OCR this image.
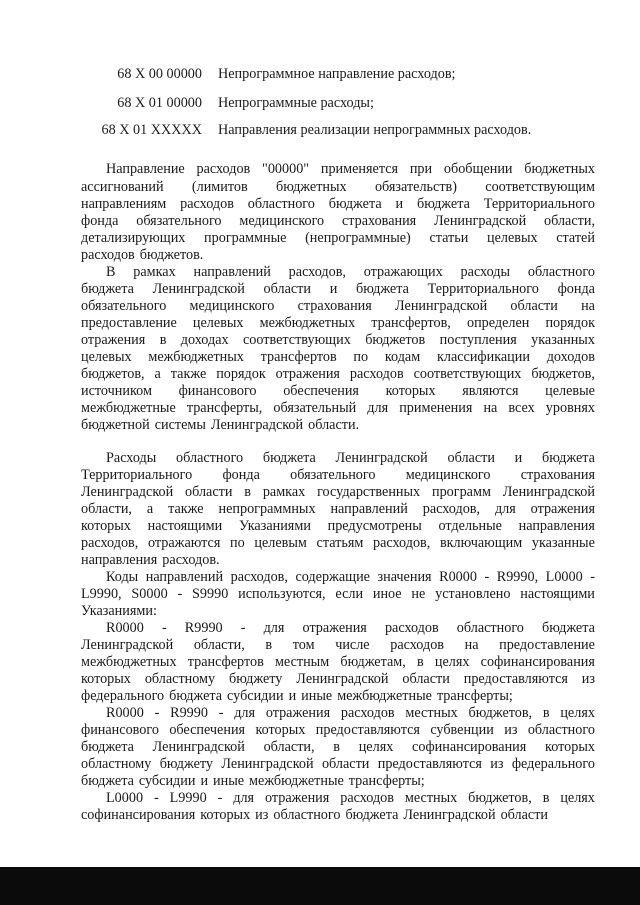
68 X 00 00000 Непрограммное направление расходов;
68 X 01 00000 Непрограммные расходы;
68 X 01 XXXXX Направления реализации непрограммных расходов.
Направление расходов "00000" применяется при обобщении бюджетных
ассигнований (лимитов бюджетных обязательств) соответствующим
направлениям расходов областного бюджета и бюджета Территориального
фонда обязательного медицинского страхования Ленинградской области,
детализирующих программные (непрограммные) статьи целевых статей
расходов бюджетов.
В рамках направлений расходов, отражающих расходы областного
бюджета Ленинградской области и бюджета Территориального фонда
обязательного медицинского страхования Ленинградской области на
предоставление целевых межбюджетных трансфертов, определен порядок
отражения в доходах соответствующих бюджетов поступления указанных
целевых межбюджетных трансфертов по кодам классификации доходов
бюджетов, а также порядок отражения расходов соответствующих бюджетов,
источником финансового обеспечения которых являются целевые
межбюджетные трансферты, обязательный для применения на всех уровнях
бюджетной системы Ленинградской области.
Расходы областного бюджета Ленинградской области и бюджета
Территориального фонда обязательного медицинского страхования
Ленинградской области в рамках государственных программ Ленинградской
области, а также непрограммных направлений расходов, для отражения
которых настоящими Указаниями предусмотрены отдельные направления
расходов, отражаются по целевым статьям расходов, включающим указанные
направления расходов.
Коды направлений расходов, содержащие значения R0000 - R9990, L0000 -
L9990, S0000 - S9990 используются, если иное не установлено настоящими
Указаниями:
R0000 - R9990 - для отражения расходов областного бюджета
Ленинградской области, в том числе расходов на предоставление
межбюджетных трансфертов местным бюджетам, в целях софинансирования
которых областному бюджету Ленинградской области предоставляются из
федерального бюджета субсидии и иные межбюджетные трансферты;
R0000 - R9990 - для отражения расходов местных бюджетов, в целях
финансового обеспечения которых предоставляются субвенции из областного
бюджета Ленинградской области, в целях софинансирования которых
областному бюджету Ленинградской области предоставляются из федерального
бюджета субсидии и иные межбюджетные трансферты;
L0000 - L9990 - для отражения расходов местных бюджетов, в целях
софинансирования которых из областного бюджета Ленинградской области
